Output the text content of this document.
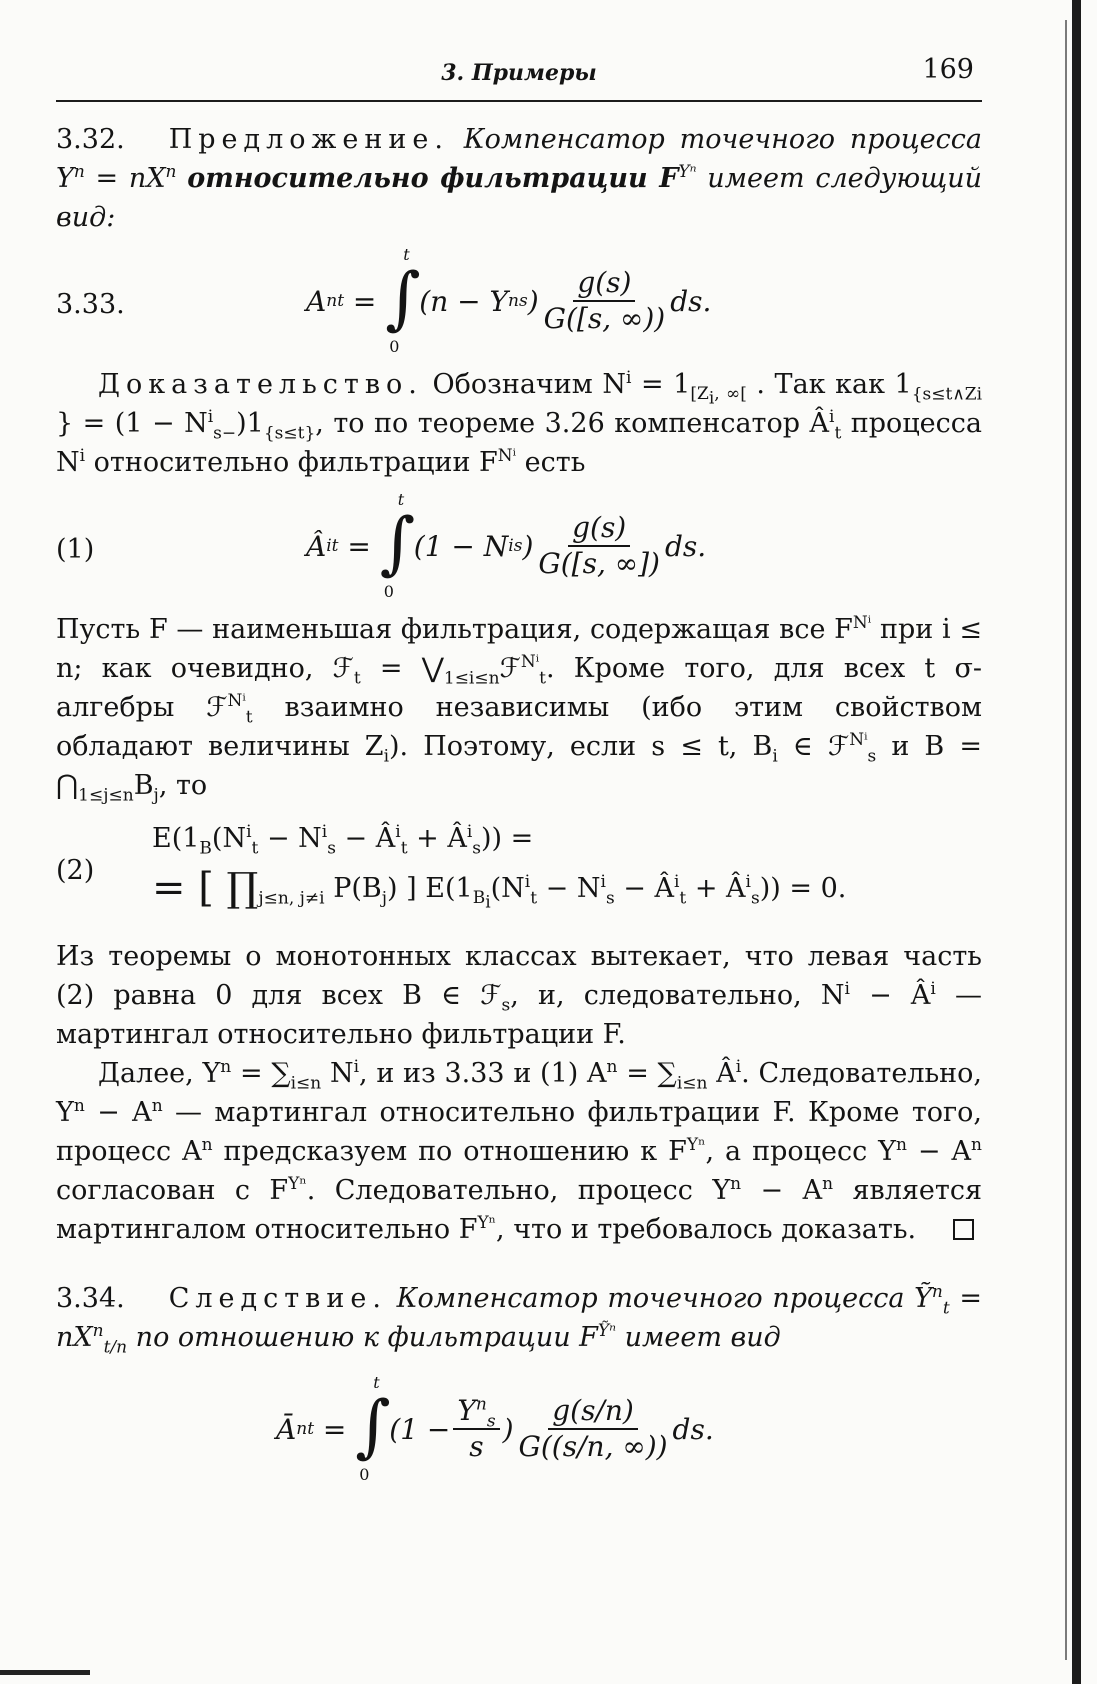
3. Примеры	169
3.32. Предложение. Компенсатор точечного процесса $Y^n = nX^n$ относительно фильтрации $F^{Y^n}$ имеет следующий вид:
3.33.	A n t =
t
∫
0
(n − Y n s ) $\frac{g(s)}{G([s, \infty))}$ ds.
Доказательство. Обозначим $N^i = 1_{[Z_i, \infty[}$ . Так как $1_{\{s\le t\wedge Zi}$ } = $(1 - N^i_{s-})1_{\{s\le t\}}$, то по теореме 3.26 компенсатор $Â^i_t$ процесса $N^i$ относительно фильтрации $F^{N^i}$ есть
(1)	Â i t =
t
∫
0
(1 − N i s ) $\frac{g(s)}{G([s, \infty])}$ ds.
Пусть F — наименьшая фильтрация, содержащая все $F^{N^i}$ при i ≤ n; как очевидно, ℱ$_t$ = $⋁_{1\le i\le n}ℱ^{N^i}_t$. Кроме того, для всех t σ-алгебры ℱ$^{N^i}_t$ взаимно независимы (ибо этим свойством обладают величины $Z_i$). Поэтому, если s ≤ t, $B_i$ ∈ ℱ$^{N^i}_s$ и $B = ⋂_{1\le j\le n}B_j$, то
(2)
$E(1_B(N^i_t - N^i_s$ − $Â^i_t$ + $Â^i_s$)) =
= [ $\prod_{j\le n, j\ne i}$ $P(B_j)$ ] $E(1_{B_i}(N^i_t - N^i_s$ − $Â^i_t$ + $Â^i_s)) = 0$.
Из теоремы о монотонных классах вытекает, что левая часть (2) равна 0 для всех B ∈ ℱ$_s$, и, следовательно, $N^i$ − $Â^i$ — мартингал относительно фильтрации F.
Далее, $Y^n = \sum_{i\le n}$ $N^i$, и из 3.33 и (1) $A^n = \sum_{i\le n}$ $Â^i$. Следовательно, $Y^n - A^n$ — мартингал относительно фильтрации F. Кроме того, процесс $A^n$ предсказуем по отношению к $F^{Y^n}$, а процесс $Y^n - A^n$ согласован с $F^{Y^n}$. Следовательно, процесс $Y^n - A^n$ является мартингалом относительно $F^{Y^n}$, что и требовалось доказать.
3.34. Следствие. Компенсатор точечного процесса Ỹ$^n_t$ = $nX^n_{t/n}$ по отношению к фильтрации $F^{Ỹ^n}$ имеет вид
Ā n t =
t
∫
0
($1 - \frac{Y^n_s}{s}$ ) $\frac{g(s/n)}{G((s/n, \infty))}$ ds.
